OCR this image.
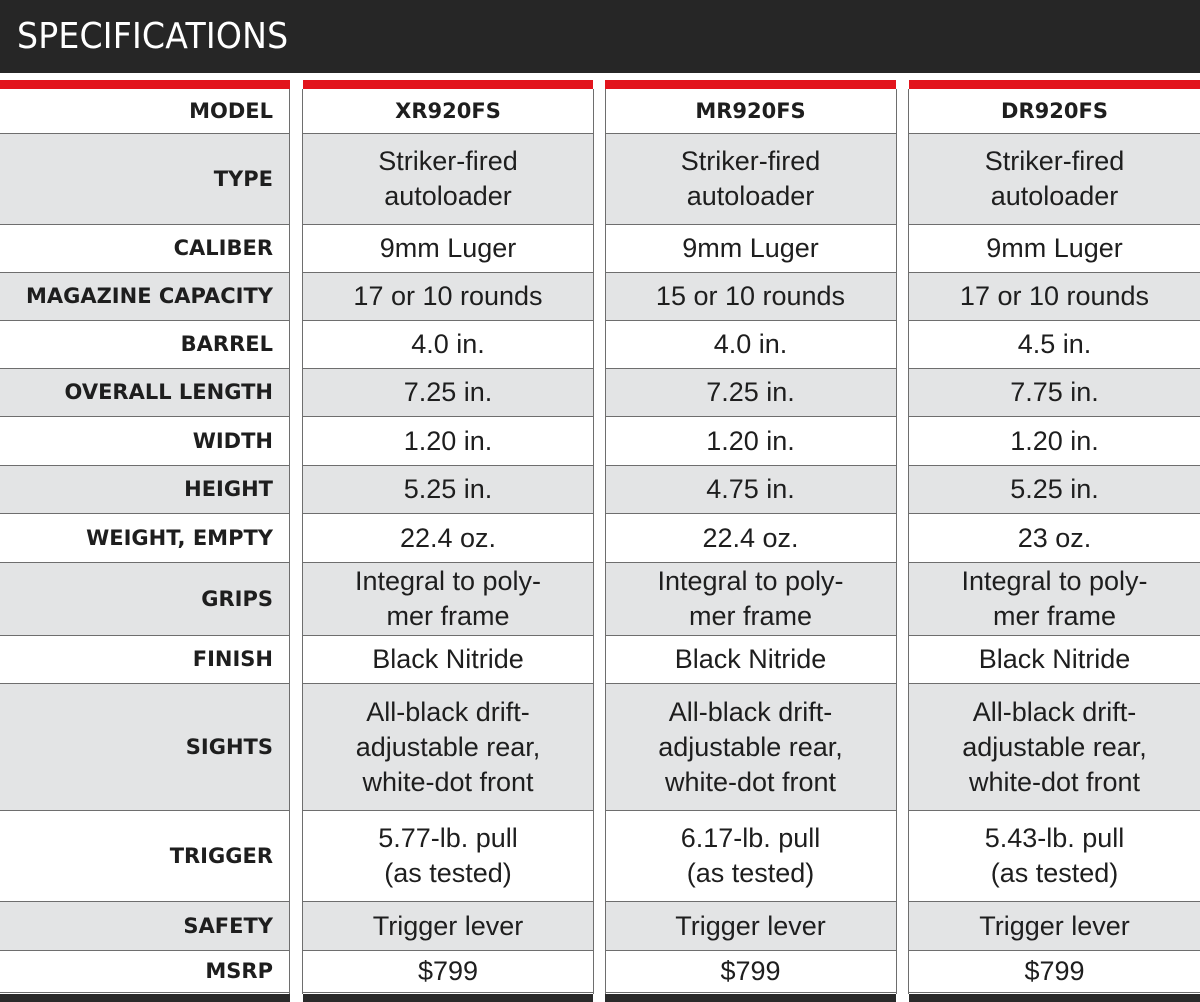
SPECIFICATIONS
MODEL
TYPE
CALIBER
MAGAZINE CAPACITY
BARREL
OVERALL LENGTH
WIDTH
HEIGHT
WEIGHT, EMPTY
GRIPS
FINISH
SIGHTS
TRIGGER
SAFETY
MSRP
XR920FS
Striker-fired
autoloader
9mm Luger
17 or 10 rounds
4.0 in.
7.25 in.
1.20 in.
5.25 in.
22.4 oz.
Integral to poly-
mer frame
Black Nitride
All-black drift-
adjustable rear,
white-dot front
5.77-lb. pull
(as tested)
Trigger lever
$799
MR920FS
Striker-fired
autoloader
9mm Luger
15 or 10 rounds
4.0 in.
7.25 in.
1.20 in.
4.75 in.
22.4 oz.
Integral to poly-
mer frame
Black Nitride
All-black drift-
adjustable rear,
white-dot front
6.17-lb. pull
(as tested)
Trigger lever
$799
DR920FS
Striker-fired
autoloader
9mm Luger
17 or 10 rounds
4.5 in.
7.75 in.
1.20 in.
5.25 in.
23 oz.
Integral to poly-
mer frame
Black Nitride
All-black drift-
adjustable rear,
white-dot front
5.43-lb. pull
(as tested)
Trigger lever
$799
